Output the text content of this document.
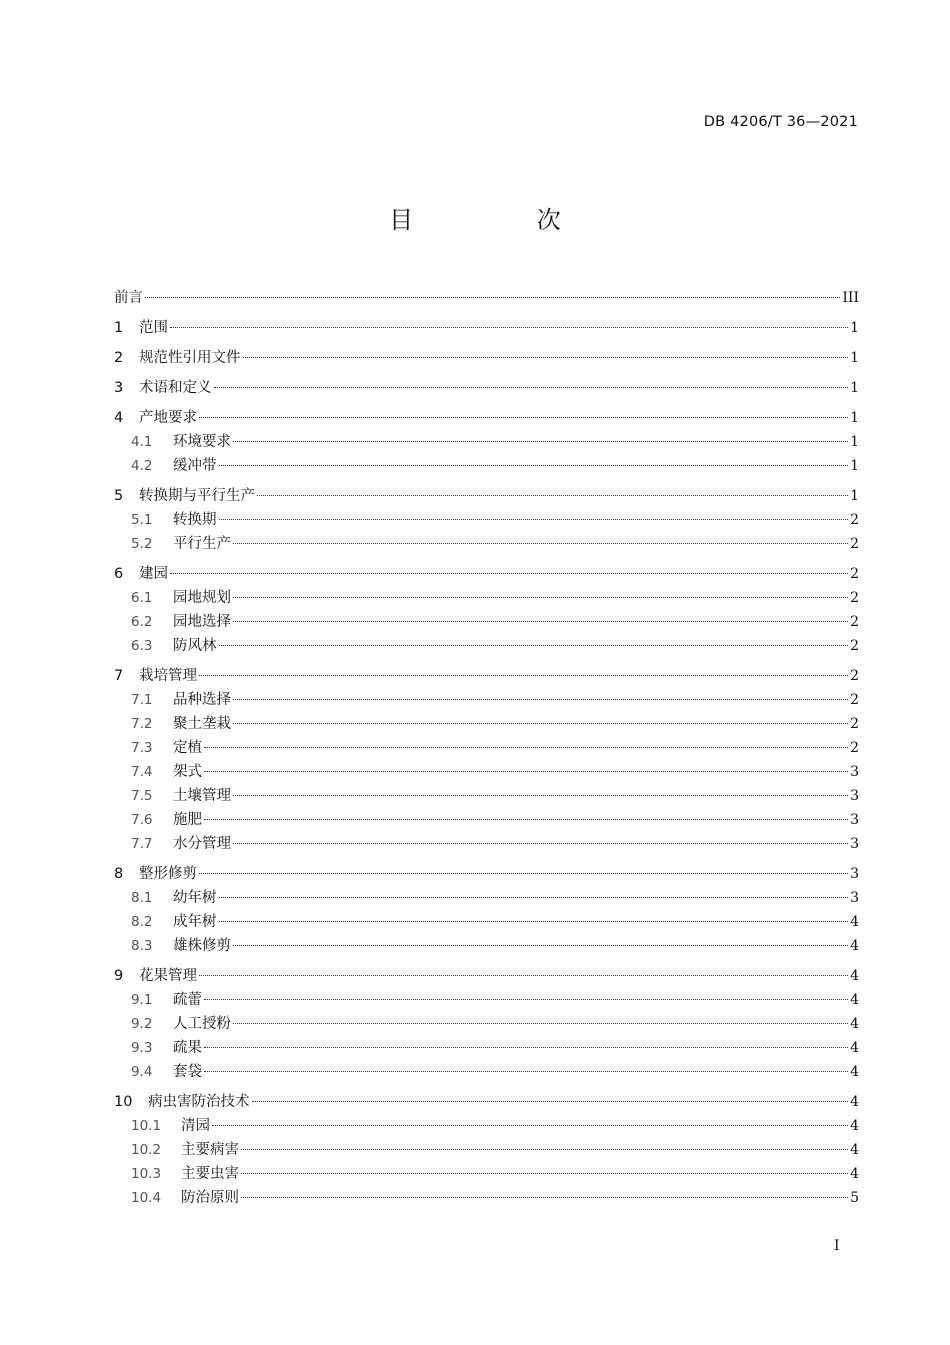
DB 4206/T 36—2021
目 次
前言	III
1	范围	1
2	规范性引用文件	1
3	术语和定义	1
4	产地要求	1
4.1	环境要求	1
4.2	缓冲带	1
5	转换期与平行生产	1
5.1	转换期	2
5.2	平行生产	2
6	建园	2
6.1	园地规划	2
6.2	园地选择	2
6.3	防风林	2
7	栽培管理	2
7.1	品种选择	2
7.2	聚土垄栽	2
7.3	定植	2
7.4	架式	3
7.5	土壤管理	3
7.6	施肥	3
7.7	水分管理	3
8	整形修剪	3
8.1	幼年树	3
8.2	成年树	4
8.3	雄株修剪	4
9	花果管理	4
9.1	疏蕾	4
9.2	人工授粉	4
9.3	疏果	4
9.4	套袋	4
10	病虫害防治技术	4
10.1	清园	4
10.2	主要病害	4
10.3	主要虫害	4
10.4	防治原则	5
I
